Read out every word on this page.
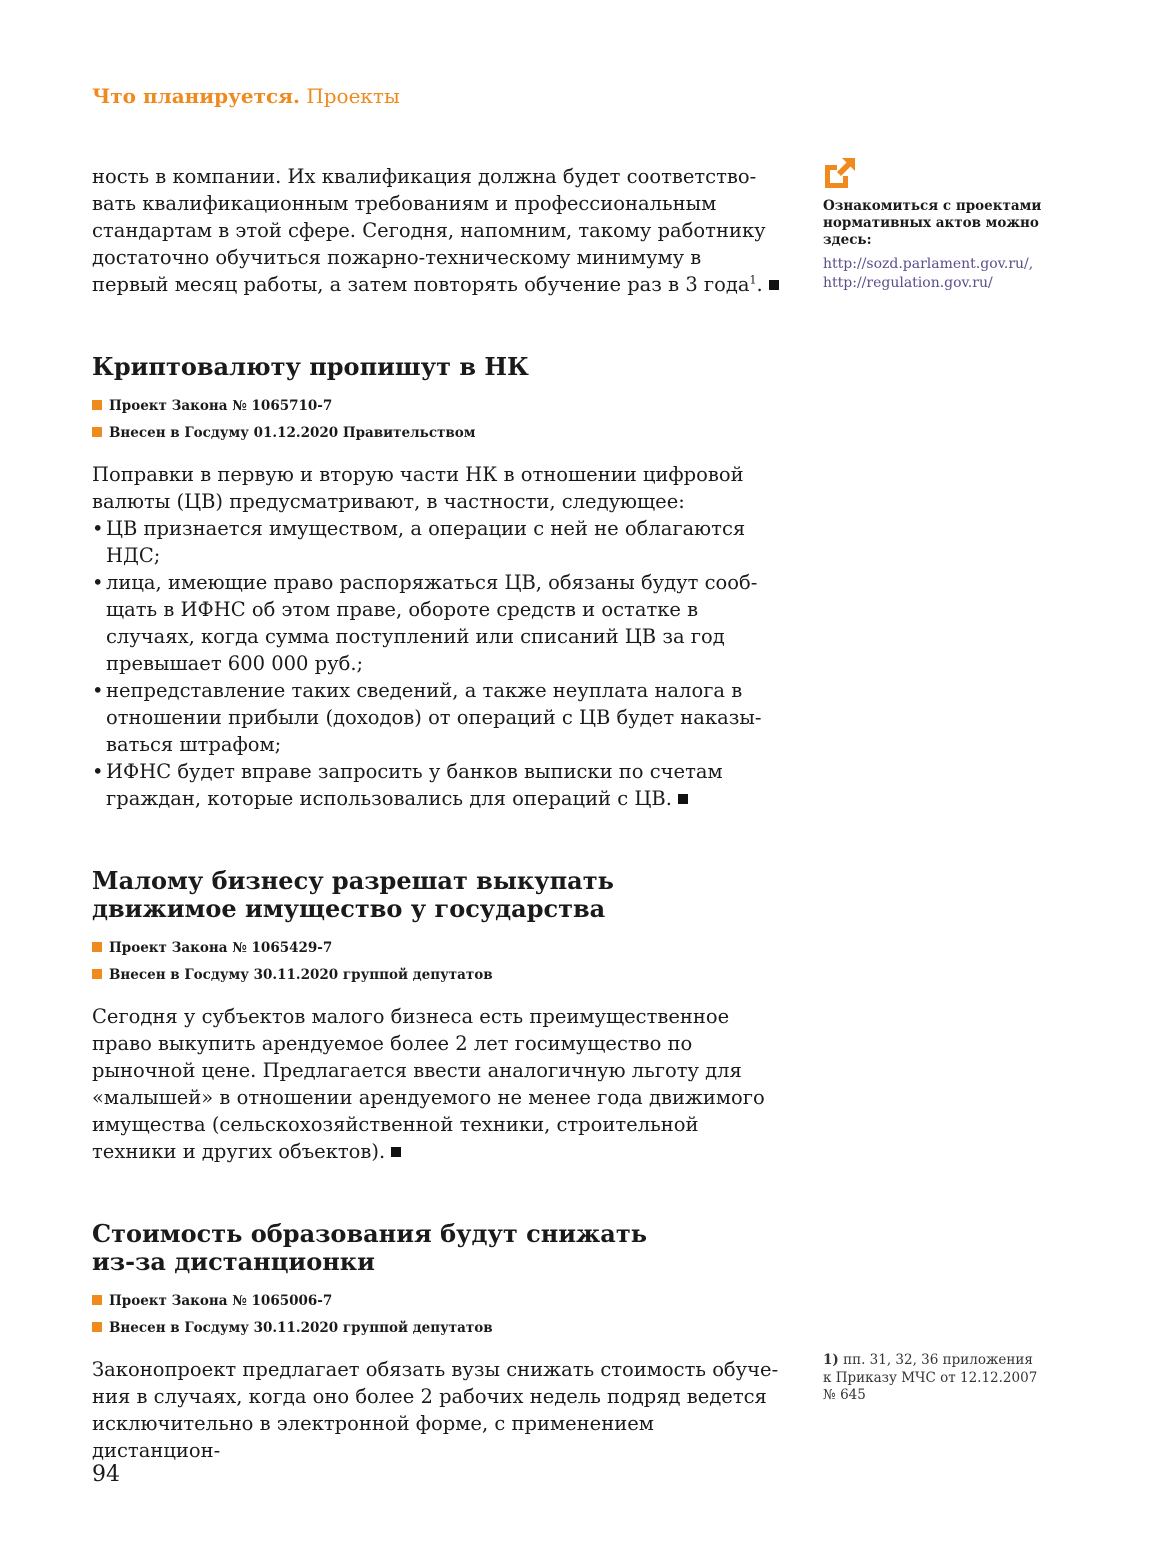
Что планируется. Проекты

ность в компании. Их квалификация должна будет соответство-вать квалификационным требованиям и профессиональным стандартам в этой сфере. Сегодня, напомним, такому работнику достаточно обучиться пожарно-техническому минимуму в первый месяц работы, а затем повторять обучение раз в 3 года$^1$.

Криптовалюту пропишут в НК
Проект Закона № 1065710-7
Внесен в Госдуму 01.12.2020 Правительством

Поправки в первую и вторую части НК в отношении цифровой валюты (ЦВ) предусматривают, в частности, следующее:

• ЦВ признается имуществом, а операции с ней не облагаются НДС;
• лица, имеющие право распоряжаться ЦВ, обязаны будут сооб-щать в ИФНС об этом праве, обороте средств и остатке в случаях, когда сумма поступлений или списаний ЦВ за год превышает 600 000 руб.;
• непредставление таких сведений, а также неуплата налога в отношении прибыли (доходов) от операций с ЦВ будет наказы-ваться штрафом;
• ИФНС будет вправе запросить у банков выписки по счетам граждан, которые использовались для операций с ЦВ.
Малому бизнесу разрешат выкупать движимое имущество у государства
Проект Закона № 1065429-7
Внесен в Госдуму 30.11.2020 группой депутатов

Сегодня у субъектов малого бизнеса есть преимущественное право выкупить арендуемое более 2 лет госимущество по рыночной цене. Предлагается ввести аналогичную льготу для «малышей» в отношении арендуемого не менее года движимого имущества (сельскохозяйственной техники, строительной техники и других объектов).

Стоимость образования будут снижать из-за дистанционки
Проект Закона № 1065006-7
Внесен в Госдуму 30.11.2020 группой депутатов

Законопроект предлагает обязать вузы снижать стоимость обуче-ния в случаях, когда оно более 2 рабочих недель подряд ведется исключительно в электронной форме, с применением дистанцион-

Ознакомиться с проектами нормативных актов можно здесь:
http://sozd.parlament.gov.ru/,
http://regulation.gov.ru/
1) пп. 31, 32, 36 приложения к Приказу МЧС от 12.12.2007 № 645
94
